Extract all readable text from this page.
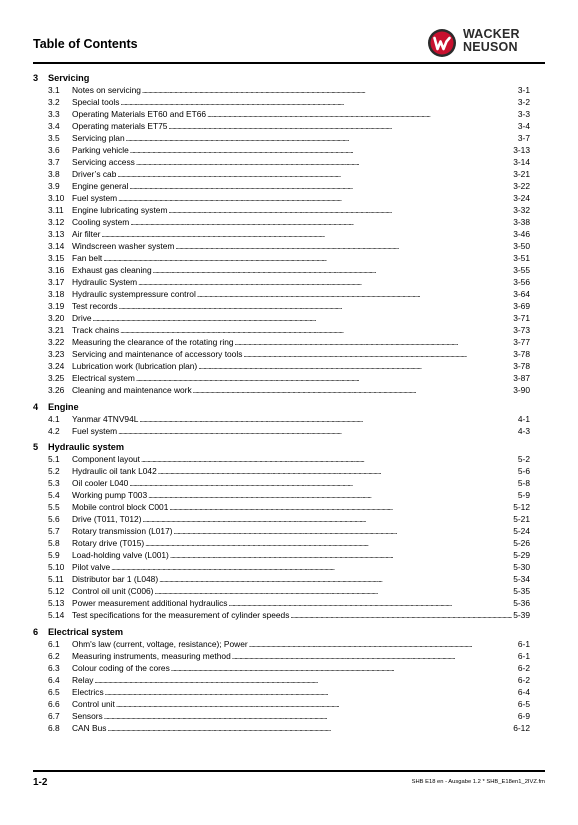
Table of Contents
WACKER
NEUSON
3	Servicing
3.1	Notes on servicing . . .	3-1
3.2	Special tools . . .	3-2
3.3	Operating Materials ET60 and ET66 . . .	3-3
3.4	Operating materials ET75 . . .	3-4
3.5	Servicing plan . . .	3-7
3.6	Parking vehicle . . .	3-13
3.7	Servicing access . . .	3-14
3.8	Driver’s cab . . .	3-21
3.9	Engine general . . .	3-22
3.10 Fuel system . . .	3-24
3.11 Engine lubricating system . . .	3-32
3.12 Cooling system . . .	3-38
3.13 Air filter . . .	3-46
3.14 Windscreen washer system . . .	3-50
3.15 Fan belt . . .	3-51
3.16 Exhaust gas cleaning . . .	3-55
3.17 Hydraulic System . . .	3-56
3.18 Hydraulic systempressure control . . .	3-64
3.19 Test records . . .	3-69
3.20 Drive . . .	3-71
3.21 Track chains . . .	3-73
3.22 Measuring the clearance of the rotating ring . . .	3-77
3.23 Servicing and maintenance of accessory tools . . .	3-78
3.24 Lubrication work (lubrication plan) . . .	3-78
3.25 Electrical system . . .	3-87
3.26 Cleaning and maintenance work . . .	3-90
4	Engine
4.1	Yanmar 4TNV94L . . .	4-1
4.2	Fuel system . . .	4-3
5	Hydraulic system
5.1	Component layout . . .	5-2
5.2	Hydraulic oil tank L042 . . .	5-6
5.3	Oil cooler L040 . . .	5-8
5.4	Working pump T003 . . .	5-9
5.5	Mobile control block C001 . . .	5-12
5.6	Drive (T011, T012) . . .	5-21
5.7	Rotary transmission (L017) . . .	5-24
5.8	Rotary drive (T015) . . .	5-26
5.9	Load-holding valve (L001) . . .	5-29
5.10 Pilot valve . . .	5-30
5.11 Distributor bar 1 (L048) . . .	5-34
5.12 Control oil unit (C006) . . .	5-35
5.13 Power measurement additional hydraulics . . .	5-36
5.14 Test specifications for the measurement of cylinder speeds . . .	5-39
6	Electrical system
6.1	Ohm's law (current, voltage, resistance); Power . . .	6-1
6.2	Measuring instruments, measuring method . . .	6-1
6.3	Colour coding of the cores . . .	6-2
6.4	Relay . . .	6-2
6.5	Electrics . . .	6-4
6.6	Control unit . . .	6-5
6.7	Sensors . . .	6-9
6.8	CAN Bus . . .	6-12
1-2	SHB E18 en - Ausgabe 1.2 * SHB_E18en1_2IVZ.fm
